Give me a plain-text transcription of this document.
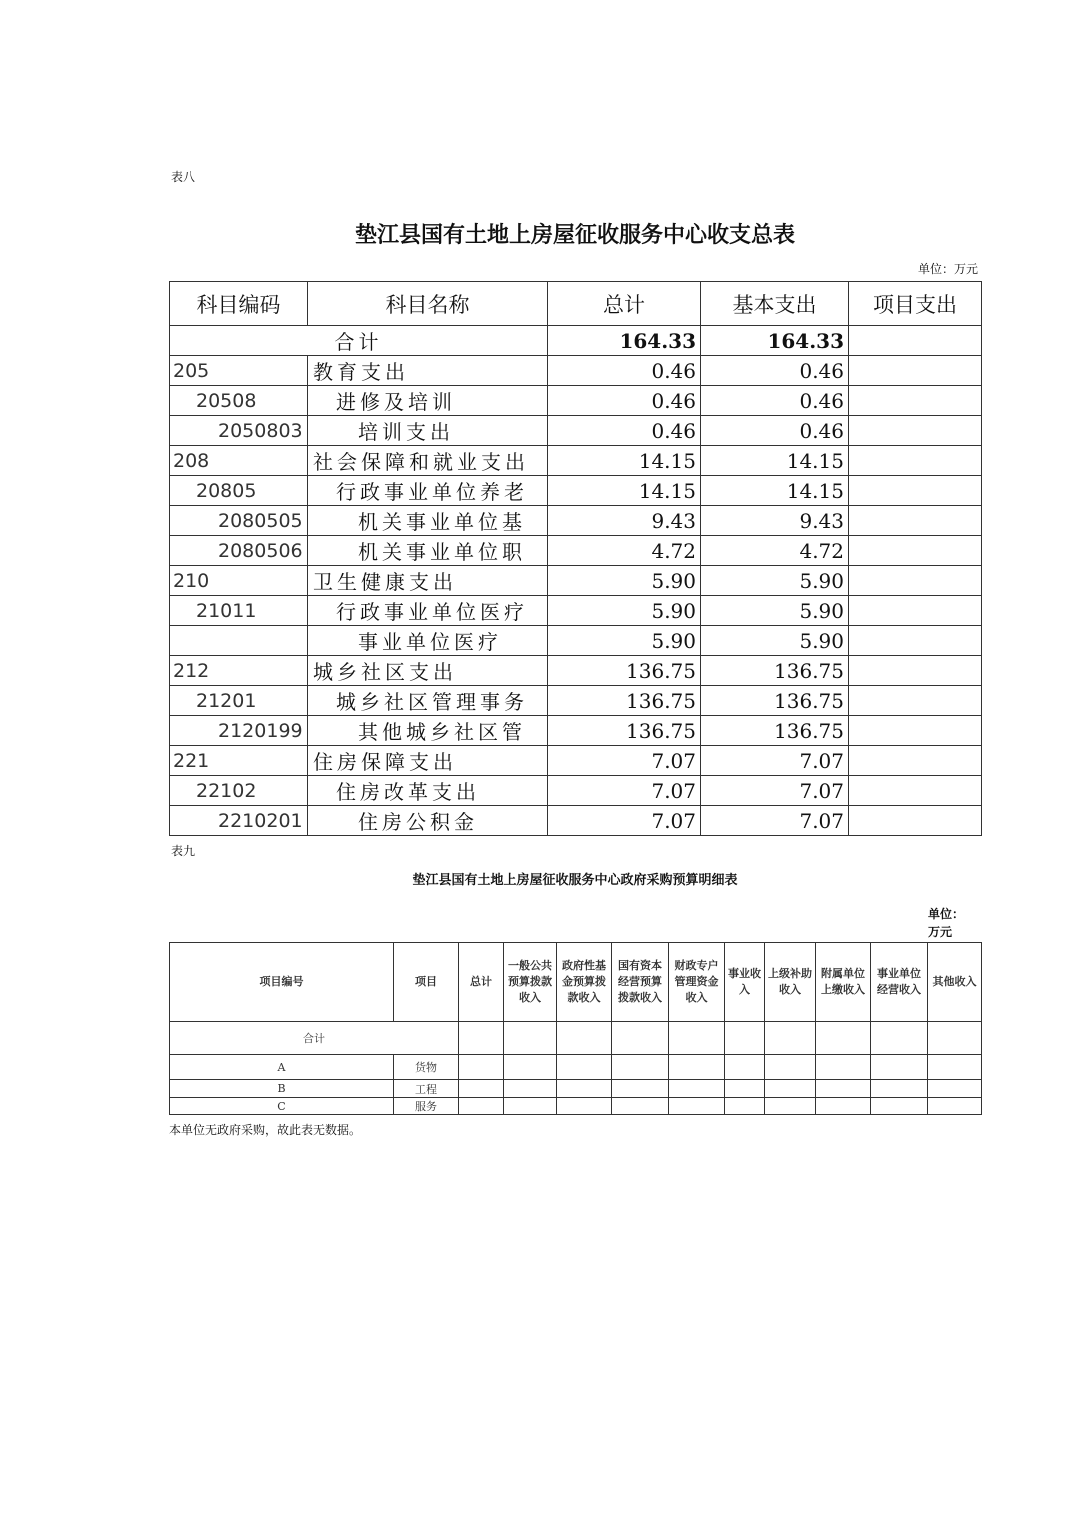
表八
垫江县国有土地上房屋征收服务中心收支总表
单位：万元
科目编码	科目名称	总计	基本支出	项目支出
合计		164.33	164.33	
205	教育支出	0.46	0.46	
20508	进修及培训	0.46	0.46	
2050803	培训支出	0.46	0.46	
208	社会保障和就业支出	14.15	14.15	
20805	行政事业单位养老	14.15	14.15	
2080505	机关事业单位基	9.43	9.43	
2080506	机关事业单位职	4.72	4.72	
210	卫生健康支出	5.90	5.90	
21011	行政事业单位医疗	5.90	5.90	
	事业单位医疗	5.90	5.90	
212	城乡社区支出	136.75	136.75	
21201	城乡社区管理事务	136.75	136.75	
2120199	其他城乡社区管	136.75	136.75	
221	住房保障支出	7.07	7.07	
22102	住房改革支出	7.07	7.07	
2210201	住房公积金	7.07	7.07	
表九
垫江县国有土地上房屋征收服务中心政府采购预算明细表
单位：万元
项目编号	项目	总计	一般公共预算拨款收入	政府性基金预算拨款收入	国有资本经营预算拨款收入	财政专户管理资金收入	事业收入	上级补助收入	附属单位上缴收入	事业单位经营收入	其他收入
合计											
A	货物										
B	工程										
C	服务										
本单位无政府采购，故此表无数据。
